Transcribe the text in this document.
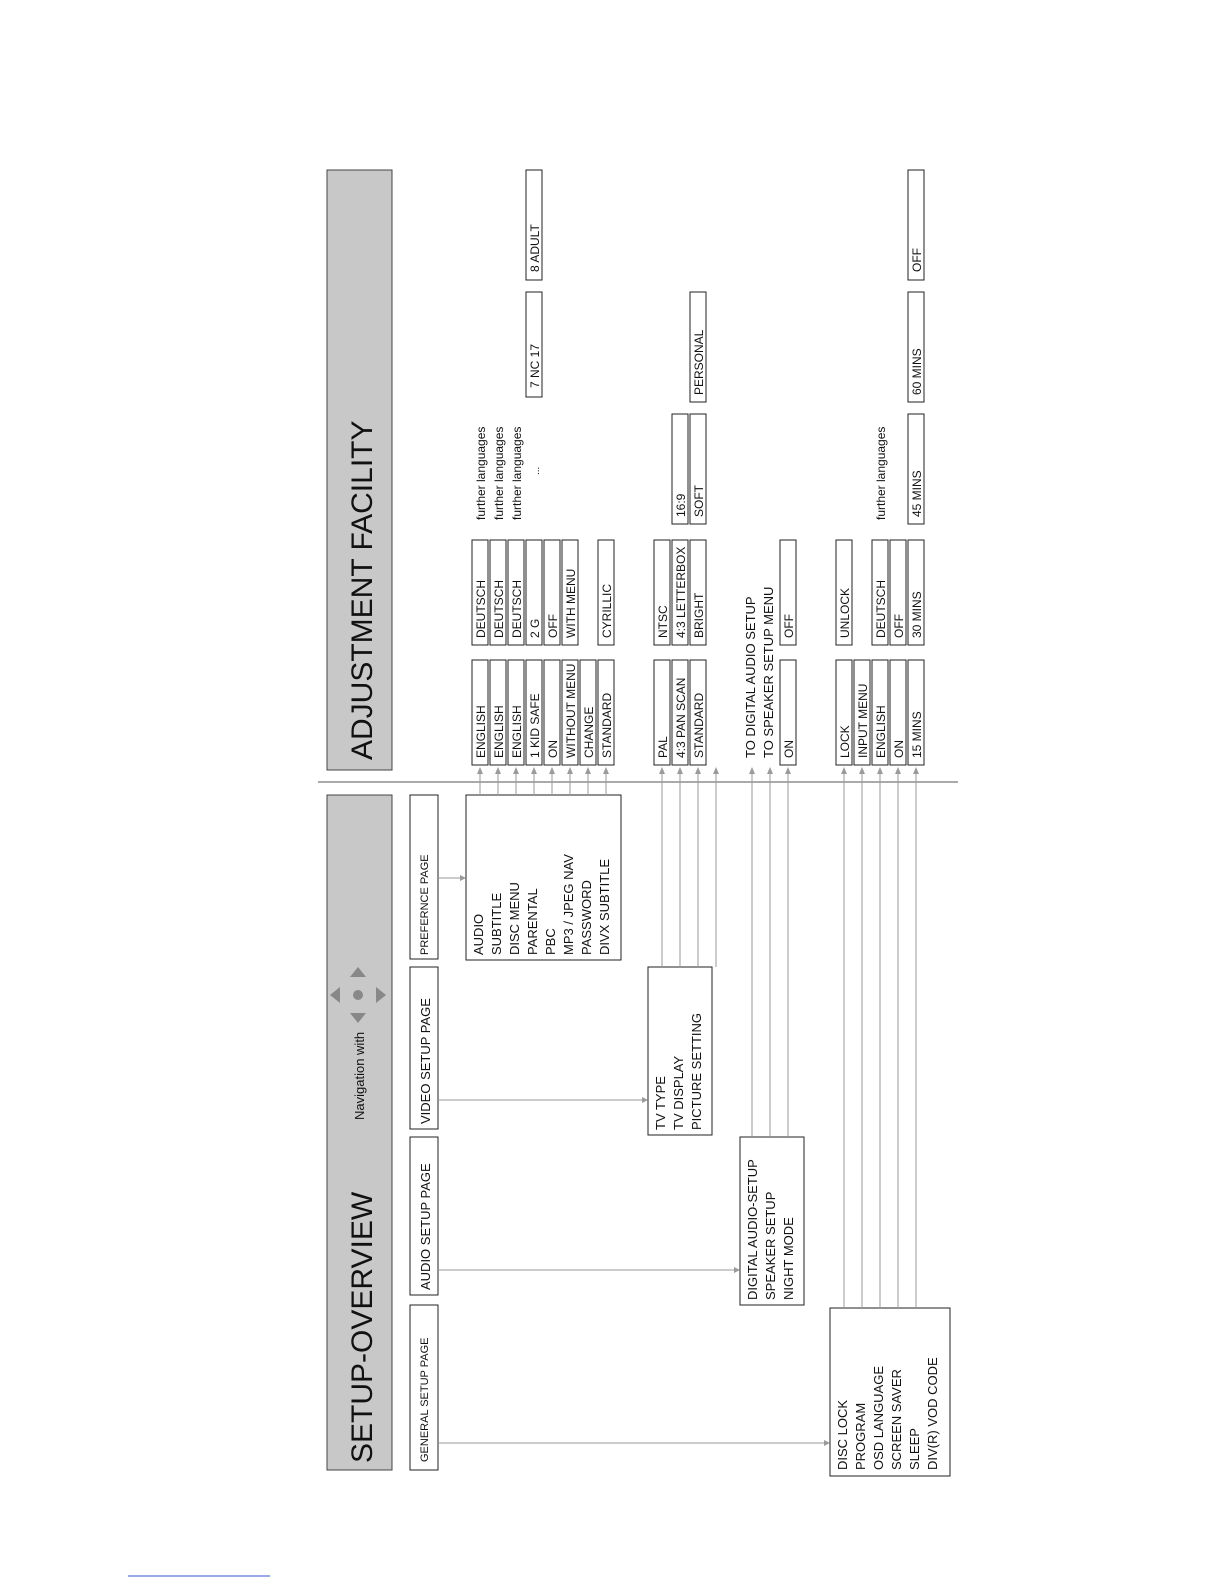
SETUP-OVERVIEW
Navigation with
GENERAL SETUP PAGE
AUDIO SETUP PAGE
VIDEO SETUP PAGE
PREFERNCE PAGE	AUDIO SUBTITLE DISC MENU PARENTAL PBC MP3 / JPEG NAV PASSWORD DIVX SUBTITLE
TV TYPE TV DISPLAY PICTURE SETTING
DIGITAL AUDIO-SETUP SPEAKER SETUP NIGHT MODE
DISC LOCK PROGRAM OSD LANGUAGE SCREEN SAVER SLEEP DIV(R) VOD CODE
ADJUSTMENT FACILITY	ENGLISH
DEUTSCH
further languages
ENGLISH
DEUTSCH
further languages
ENGLISH
DEUTSCH
further languages
1 KID SAFE
2 G
...
7 NC 17
8 ADULT
ON
OFF
WITHOUT MENU
WITH MENU
CHANGE STANDARD
CYRILLIC
PAL
NTSC
4:3 PAN SCAN
4:3 LETTERBOX
16:9
STANDARD
BRIGHT
SOFT
PERSONAL
TO DIGITAL AUDIO SETUP TO SPEAKER SETUP MENU ON
OFF
LOCK
UNLOCK
INPUT MENU ENGLISH
DEUTSCH
further languages
ON
OFF
15 MINS
30 MINS
45 MINS
60 MINS
OFF
